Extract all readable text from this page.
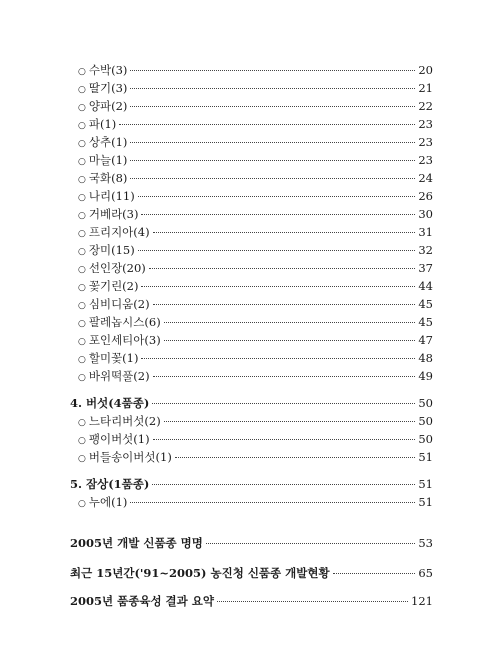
○ 수박(3)	20
○ 딸기(3)	21
○ 양파(2)	22
○ 파(1)	23
○ 상추(1)	23
○ 마늘(1)	23
○ 국화(8)	24
○ 나리(11)	26
○ 거베라(3)	30
○ 프리지아(4)	31
○ 장미(15)	32
○ 선인장(20)	37
○ 꽃기린(2)	44
○ 심비디움(2)	45
○ 팔레놉시스(6)	45
○ 포인세티아(3)	47
○ 할미꽃(1)	48
○ 바위떡풀(2)	49
4. 버섯(4품종)	50
○ 느타리버섯(2)	50
○ 팽이버섯(1)	50
○ 버들송이버섯(1)	51
5. 잠상(1품종)	51
○ 누에(1)	51
2005년 개발 신품종 명명	53
최근 15년간('91~2005) 농진청 신품종 개발현황	65
2005년 품종육성 결과 요약	121
